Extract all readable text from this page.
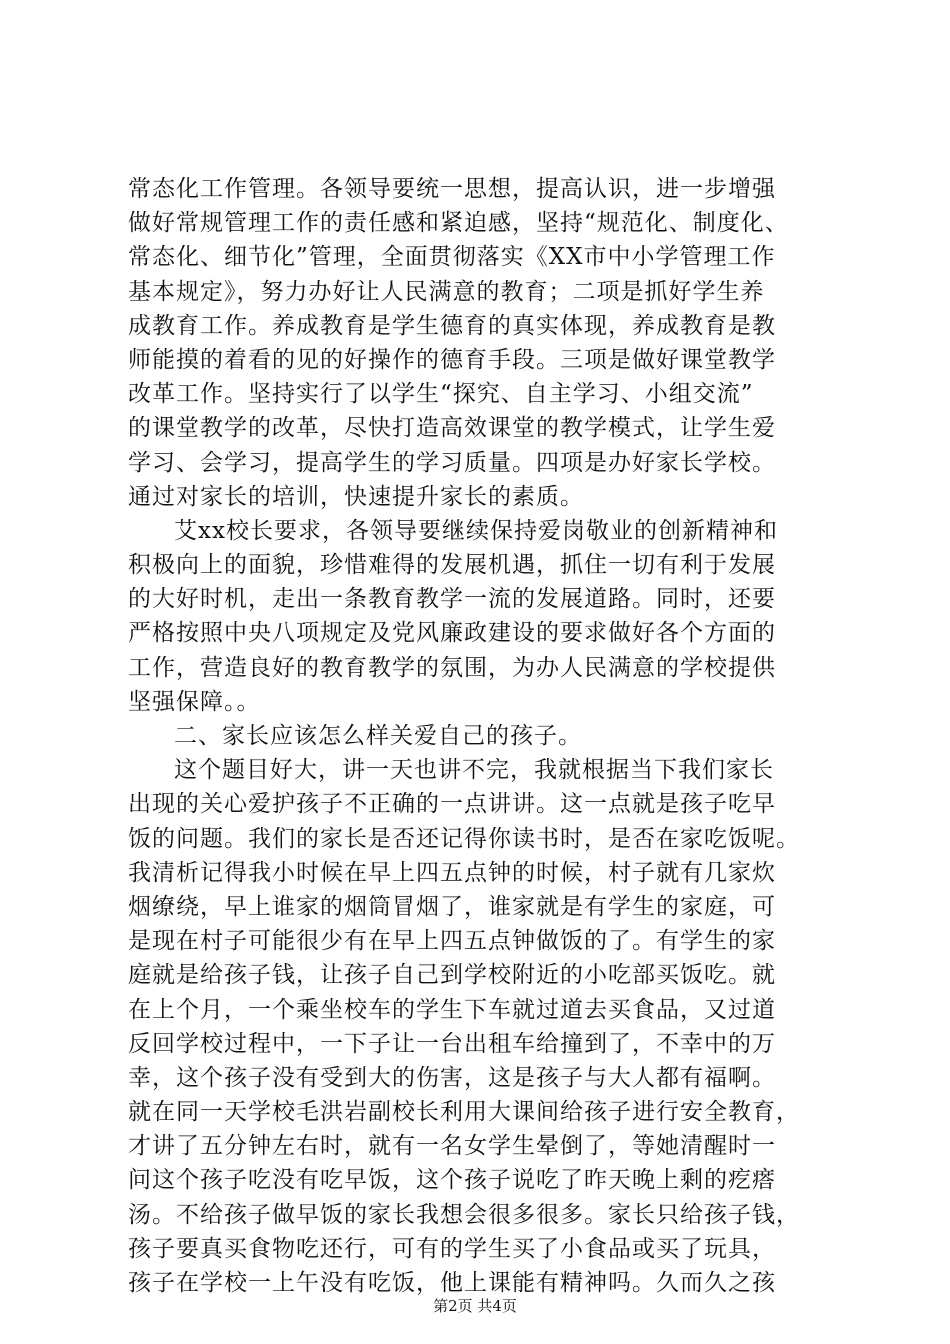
常态化工作管理。各领导要统一思想，提高认识，进一步增强
做好常规管理工作的责任感和紧迫感，坚持“规范化、制度化、
常态化、细节化”管理，全面贯彻落实《XX市中小学管理工作
基本规定》，努力办好让人民满意的教育；二项是抓好学生养
成教育工作。养成教育是学生德育的真实体现，养成教育是教
师能摸的着看的见的好操作的德育手段。三项是做好课堂教学
改革工作。坚持实行了以学生“探究、自主学习、小组交流”
的课堂教学的改革，尽快打造高效课堂的教学模式，让学生爱
学习、会学习，提高学生的学习质量。四项是办好家长学校。
通过对家长的培训，快速提升家长的素质。
艾xx校长要求，各领导要继续保持爱岗敬业的创新精神和
积极向上的面貌，珍惜难得的发展机遇，抓住一切有利于发展
的大好时机，走出一条教育教学一流的发展道路。同时，还要
严格按照中央八项规定及党风廉政建设的要求做好各个方面的
工作，营造良好的教育教学的氛围，为办人民满意的学校提供
坚强保障。。
二、家长应该怎么样关爱自己的孩子。
这个题目好大，讲一天也讲不完，我就根据当下我们家长
出现的关心爱护孩子不正确的一点讲讲。这一点就是孩子吃早
饭的问题。我们的家长是否还记得你读书时，是否在家吃饭呢。
我清析记得我小时候在早上四五点钟的时候，村子就有几家炊
烟缭绕，早上谁家的烟筒冒烟了，谁家就是有学生的家庭，可
是现在村子可能很少有在早上四五点钟做饭的了。有学生的家
庭就是给孩子钱，让孩子自己到学校附近的小吃部买饭吃。就
在上个月，一个乘坐校车的学生下车就过道去买食品，又过道
反回学校过程中，一下子让一台出租车给撞到了，不幸中的万
幸，这个孩子没有受到大的伤害，这是孩子与大人都有福啊。
就在同一天学校毛洪岩副校长利用大课间给孩子进行安全教育，
才讲了五分钟左右时，就有一名女学生晕倒了，等她清醒时一
问这个孩子吃没有吃早饭，这个孩子说吃了昨天晚上剩的疙瘩
汤。不给孩子做早饭的家长我想会很多很多。家长只给孩子钱，
孩子要真买食物吃还行，可有的学生买了小食品或买了玩具，
孩子在学校一上午没有吃饭，他上课能有精神吗。久而久之孩
第2页 共4页
